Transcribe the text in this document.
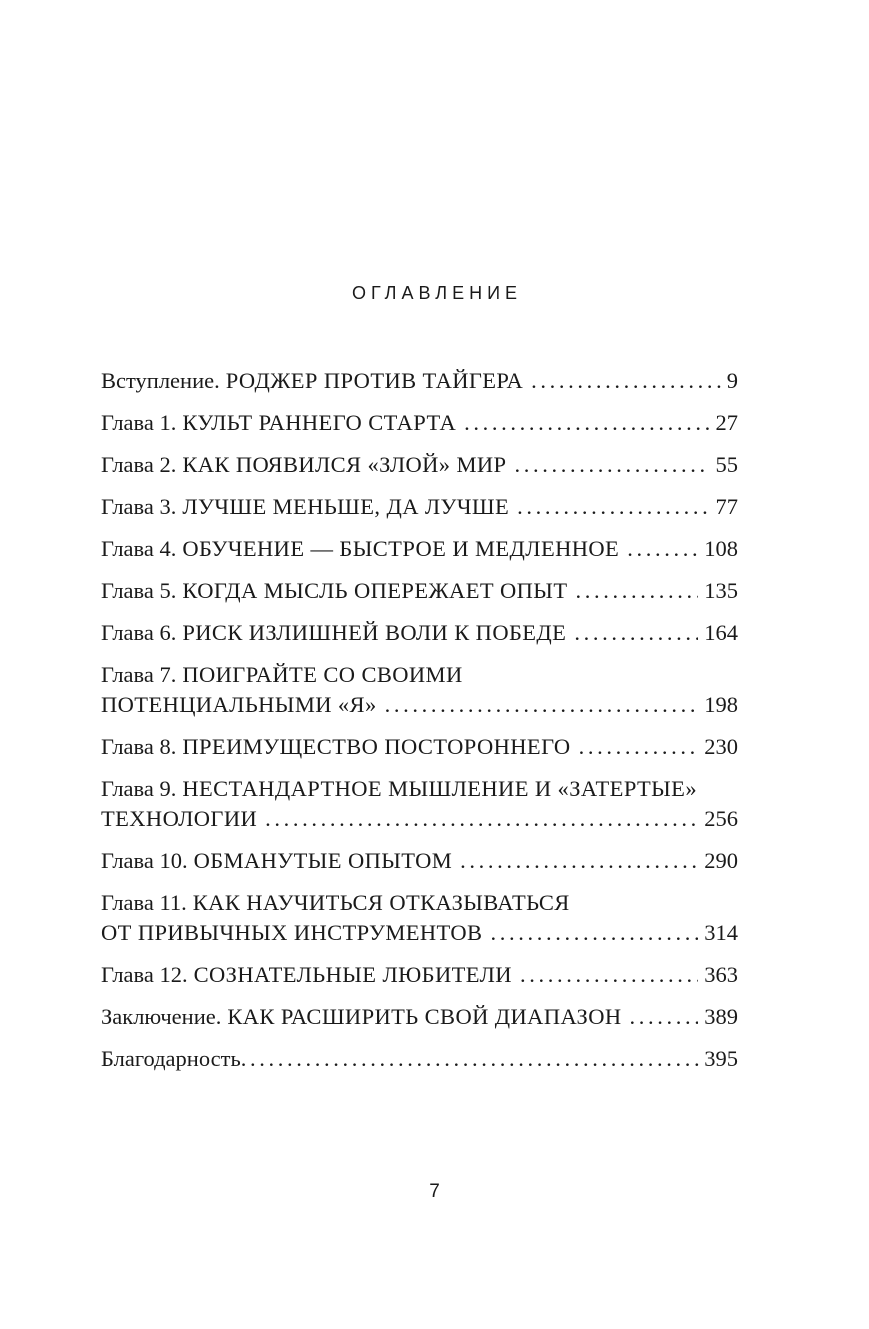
ОГЛАВЛЕНИЕ
Вступление. РОДЖЕР ПРОТИВ ТАЙГЕРА . . .	9
Глава 1. КУЛЬТ РАННЕГО СТАРТА . . .	27
Глава 2. КАК ПОЯВИЛСЯ «ЗЛОЙ» МИР . . .	55
Глава 3. ЛУЧШЕ МЕНЬШЕ, ДА ЛУЧШЕ . . .	77
Глава 4. ОБУЧЕНИЕ — БЫСТРОЕ И МЕДЛЕННОЕ . . .	108
Глава 5. КОГДА МЫСЛЬ ОПЕРЕЖАЕТ ОПЫТ . . .	135
Глава 6. РИСК ИЗЛИШНЕЙ ВОЛИ К ПОБЕДЕ . . .	164
Глава 7. ПОИГРАЙТЕ СО СВОИМИ
ПОТЕНЦИАЛЬНЫМИ «Я» . . .	198
Глава 8. ПРЕИМУЩЕСТВО ПОСТОРОННЕГО . . .	230
Глава 9. НЕСТАНДАРТНОЕ МЫШЛЕНИЕ И «ЗАТЕРТЫЕ»
ТЕХНОЛОГИИ . . .	256
Глава 10. ОБМАНУТЫЕ ОПЫТОМ . . .	290
Глава 11. КАК НАУЧИТЬСЯ ОТКАЗЫВАТЬСЯ
ОТ ПРИВЫЧНЫХ ИНСТРУМЕНТОВ . . .	314
Глава 12. СОЗНАТЕЛЬНЫЕ ЛЮБИТЕЛИ . . .	363
Заключение. КАК РАСШИРИТЬ СВОЙ ДИАПАЗОН . . .	389
Благодарность . . .	395
7
